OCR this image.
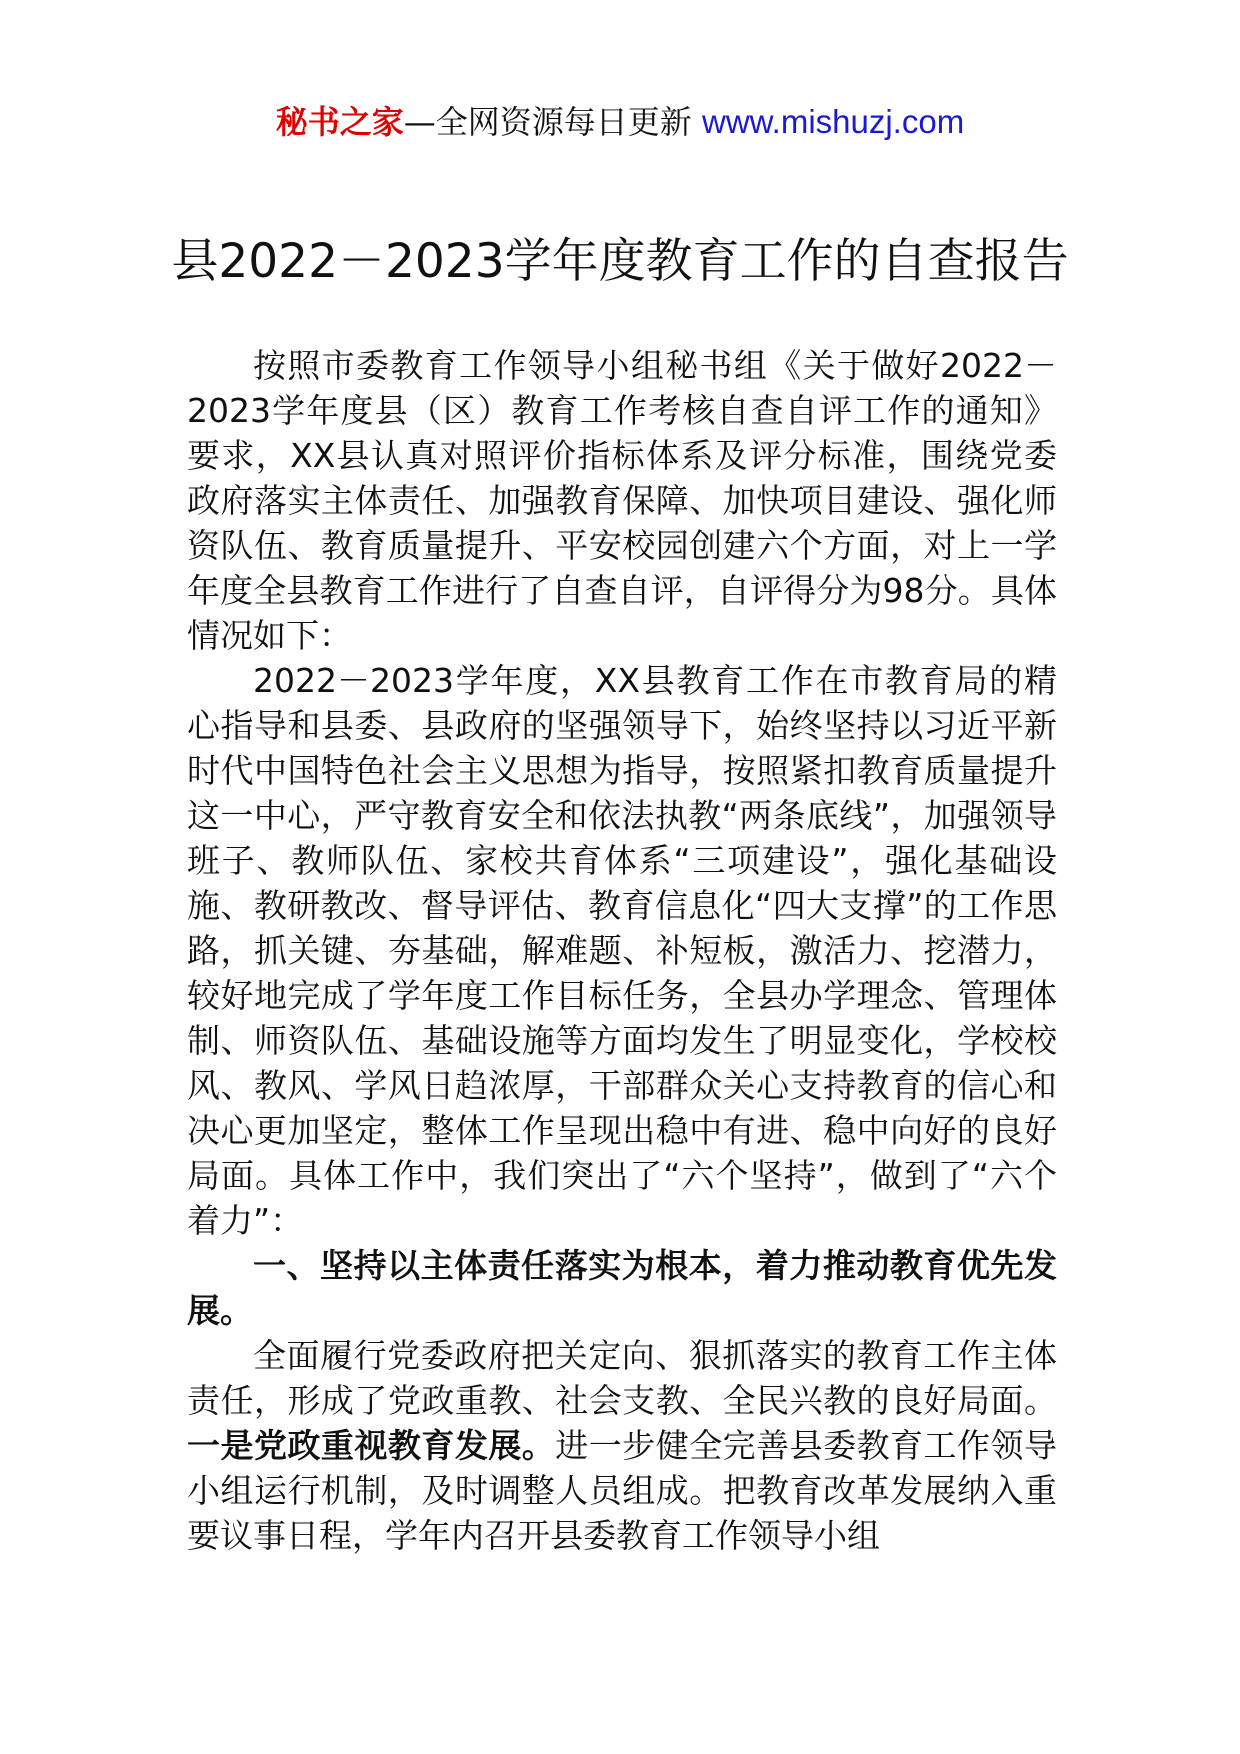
秘书之家—全网资源每日更新 www.mishuzj.com
县2022－2023学年度教育工作的自查报告

按照市委教育工作领导小组秘书组《关于做好2022－2023学年度县（区）教育工作考核自查自评工作的通知》要求，XX县认真对照评价指标体系及评分标准，围绕党委政府落实主体责任、加强教育保障、加快项目建设、强化师资队伍、教育质量提升、平安校园创建六个方面，对上一学年度全县教育工作进行了自查自评，自评得分为98分。具体情况如下：

2022－2023学年度，XX县教育工作在市教育局的精心指导和县委、县政府的坚强领导下，始终坚持以习近平新时代中国特色社会主义思想为指导，按照紧扣教育质量提升这一中心，严守教育安全和依法执教“两条底线”，加强领导班子、教师队伍、家校共育体系“三项建设”，强化基础设施、教研教改、督导评估、教育信息化“四大支撑”的工作思路，抓关键、夯基础，解难题、补短板，激活力、挖潜力，较好地完成了学年度工作目标任务，全县办学理念、管理体制、师资队伍、基础设施等方面均发生了明显变化，学校校风、教风、学风日趋浓厚，干部群众关心支持教育的信心和决心更加坚定，整体工作呈现出稳中有进、稳中向好的良好局面。具体工作中，我们突出了“六个坚持”，做到了“六个着力”：

一、坚持以主体责任落实为根本，着力推动教育优先发展。

全面履行党委政府把关定向、狠抓落实的教育工作主体责任，形成了党政重教、社会支教、全民兴教的良好局面。一是党政重视教育发展。进一步健全完善县委教育工作领导小组运行机制，及时调整人员组成。把教育改革发展纳入重要议事日程，学年内召开县委教育工作领导小组
